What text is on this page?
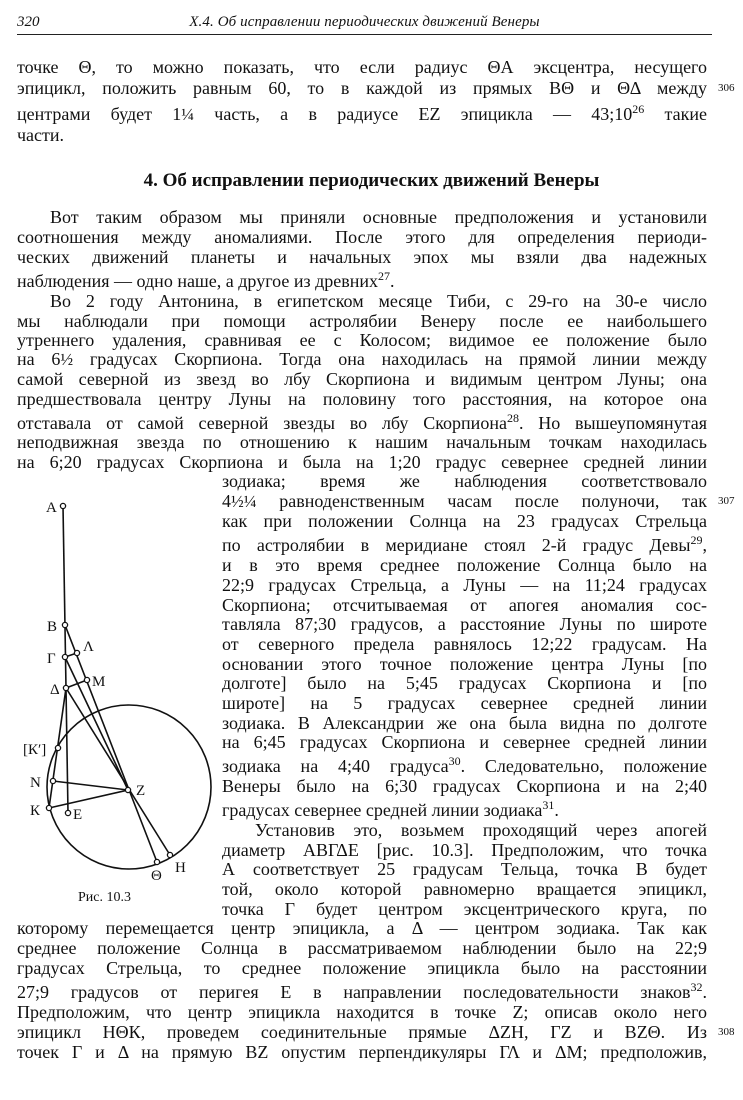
320	X.4. Об исправлении периодических движений Венеры
точке Θ, то можно показать, что если радиус ΘА эксцентра, несущего
эпицикл, положить равным 60, то в каждой из прямых ВΘ и ΘΔ между 306
центрами будет 1¼ часть, а в радиусе EZ эпицикла — $43;10^{26}$ такие
части.
4. Об исправлении периодических движений Венеры
Вот таким образом мы приняли основные предположения и установили
соотношения между аномалиями. После этого для определения периоди-
ческих движений планеты и начальных эпох мы взяли два надежных
наблюдения — одно наше, а другое из древних$^{27}$.
Во 2 году Антонина, в египетском месяце Тиби, с 29-го на 30-е число
мы наблюдали при помощи астролябии Венеру после ее наибольшего
утреннего удаления, сравнивая ее с Колосом; видимое ее положение было
на 6½ градусах Скорпиона. Тогда она находилась на прямой линии между
самой северной из звезд во лбу Скорпиона и видимым центром Луны; она
предшествовала центру Луны на половину того расстояния, на которое она
отставала от самой северной звезды во лбу Скорпиона$^{28}$. Но вышеупомянутая
неподвижная звезда по отношению к нашим начальным точкам находилась
на 6;20 градусах Скорпиона и была на 1;20 градус севернее средней линии
зодиака; время же наблюдения соответствовало
4½¼ равноденственным часам после полуночи, так 307
как при положении Солнца на 23 градусах Стрельца
по астролябии в меридиане стоял 2-й градус Девы$^{29}$,
и в это время среднее положение Солнца было на
22;9 градусах Стрельца, а Луны — на 11;24 градусах
Скорпиона; отсчитываемая от апогея аномалия сос-
тавляла 87;30 градусов, а расстояние Луны по широте
от северного предела равнялось 12;22 градусам. На
основании этого точное положение центра Луны [по
долготе] было на 5;45 градусах Скорпиона и [по
широте] на 5 градусах севернее средней линии
зодиака. В Александрии же она была видна по долготе
на 6;45 градусах Скорпиона и севернее средней линии
зодиака на 4;40 градуса$^{30}$. Следовательно, положение
Венеры было на 6;30 градусах Скорпиона и на 2;40
градусах севернее средней линии зодиака$^{31}$.
Установив это, возьмем проходящий через апогей
диаметр ΑΒΓΔΕ [рис. 10.3]. Предположим, что точка
А соответствует 25 градусам Тельца, точка В будет
той, около которой равномерно вращается эпицикл,
точка Γ будет центром эксцентрического круга, по
которому перемещается центр эпицикла, а Δ — центром зодиака. Так как
среднее положение Солнца в рассматриваемом наблюдении было на 22;9
градусах Стрельца, то среднее положение эпицикла было на расстоянии
27;9 градусов от перигея Е в направлении последовательности знаков$^{32}$.
Предположим, что центр эпицикла находится в точке Z; описав около него
эпицикл НΘК, проведем соединительные прямые ΔΖΗ, ΓΖ и ΒΖΘ. Из 308
точек Γ и Δ на прямую BZ опустим перпендикуляры ΓΛ и ΔΜ; предположив,
А
В
Γ
Λ
Δ М
[К′]
N
К Е
Z
Θ Н
Рис. 10.3
